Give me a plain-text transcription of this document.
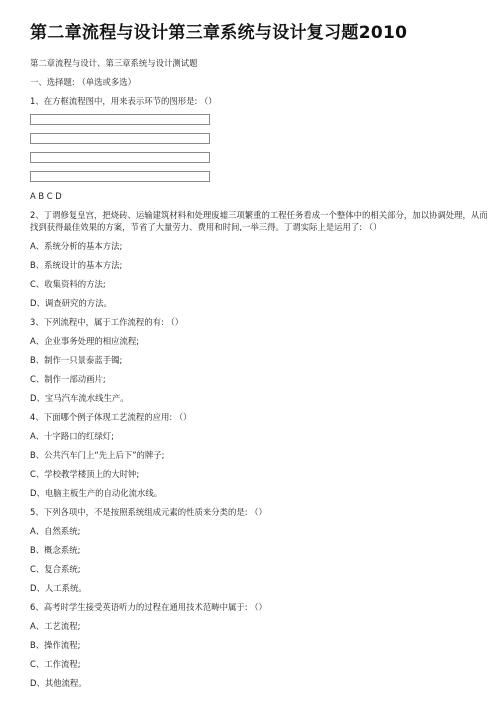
第二章流程与设计第三章系统与设计复习题2010

第二章流程与设计、第三章系统与设计测试题

一、选择题: （单选或多选）

1、在方框流程图中，用来表示环节的图形是: （）

A B C D

2、丁谓修复皇宫，把烧砖、运输建筑材料和处理废墟三项繁重的工程任务看成一个整体中的相关部分，加以协调处理，从而找到获得最佳效果的方案，节省了大量劳力、费用和时间,一举三得。丁谓实际上是运用了: （）

A、系统分析的基本方法;

B、系统设计的基本方法;

C、收集资料的方法;

D、调查研究的方法。

3、下列流程中，属于工作流程的有: （）

A、企业事务处理的相应流程;

B、制作一只景泰蓝手镯;

C、制作一部动画片;

D、宝马汽车流水线生产。

4、下面哪个例子体现工艺流程的应用: （）

A、十字路口的红绿灯;

B、公共汽车门上“先上后下”的牌子;

C、学校教学楼顶上的大时钟;

D、电脑主板生产的自动化流水线。

5、下列各项中，不是按照系统组成元素的性质来分类的是: （）

A、自然系统;

B、概念系统;

C、复合系统;

D、人工系统。

6、高考时学生接受英语听力的过程在通用技术范畴中属于: （）

A、工艺流程;

B、操作流程;

C、工作流程;

D、其他流程。
